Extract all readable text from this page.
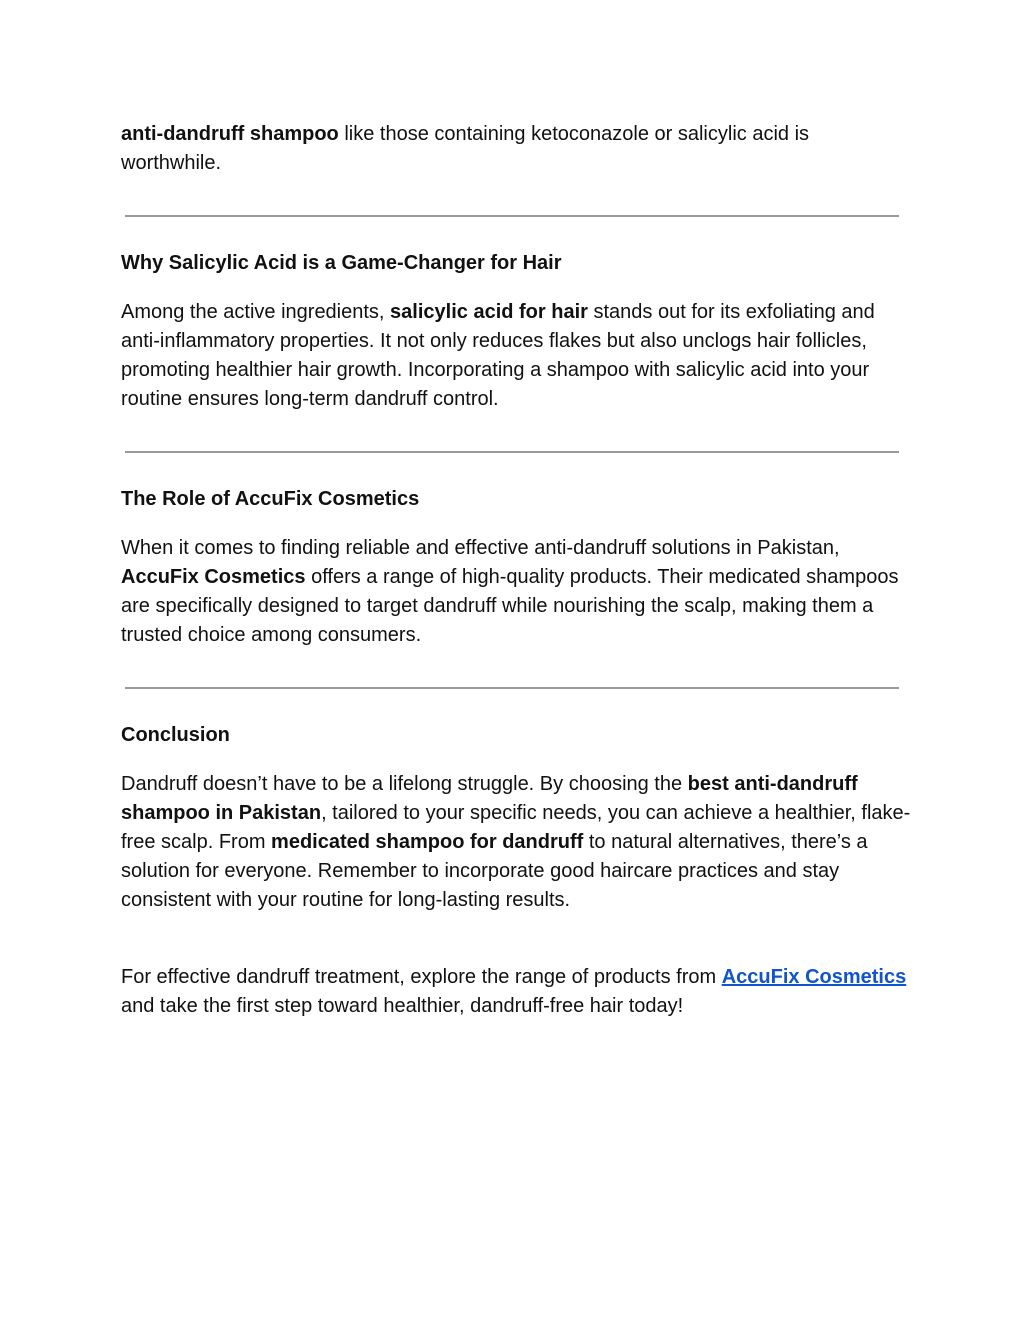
anti-dandruff shampoo like those containing ketoconazole or salicylic acid is worthwhile.

Why Salicylic Acid is a Game-Changer for Hair

Among the active ingredients, salicylic acid for hair stands out for its exfoliating and anti-inflammatory properties. It not only reduces flakes but also unclogs hair follicles, promoting healthier hair growth. Incorporating a shampoo with salicylic acid into your routine ensures long-term dandruff control.

The Role of AccuFix Cosmetics

When it comes to finding reliable and effective anti-dandruff solutions in Pakistan, AccuFix Cosmetics offers a range of high-quality products. Their medicated shampoos are specifically designed to target dandruff while nourishing the scalp, making them a trusted choice among consumers.

Conclusion

Dandruff doesn’t have to be a lifelong struggle. By choosing the best anti-dandruff shampoo in Pakistan, tailored to your specific needs, you can achieve a healthier, flake-free scalp. From medicated shampoo for dandruff to natural alternatives, there’s a solution for everyone. Remember to incorporate good haircare practices and stay consistent with your routine for long-lasting results.

For effective dandruff treatment, explore the range of products from AccuFix Cosmetics and take the first step toward healthier, dandruff-free hair today!
